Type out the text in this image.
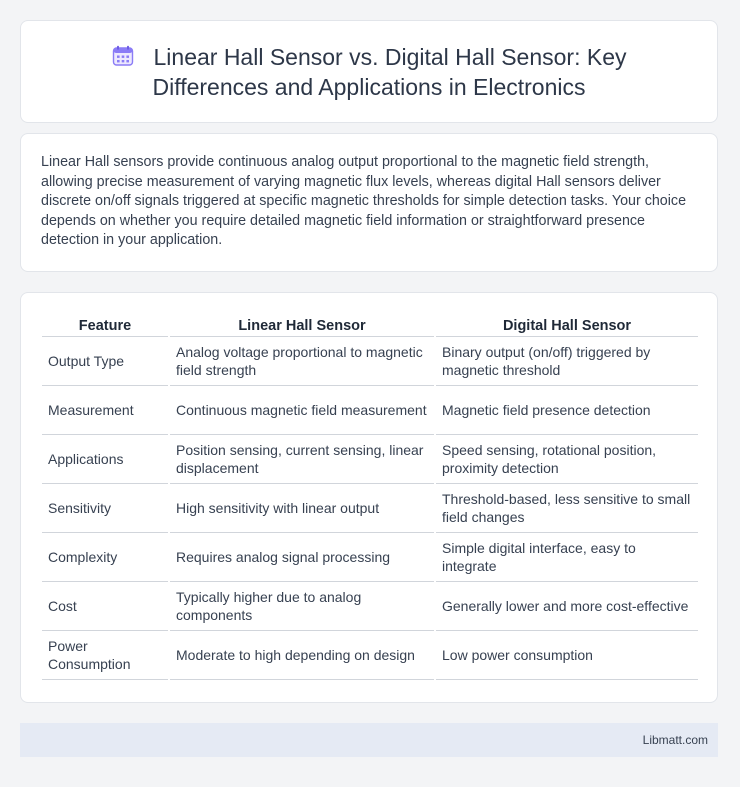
Linear Hall Sensor vs. Digital Hall Sensor: Key Differences and Applications in Electronics

Linear Hall sensors provide continuous analog output proportional to the magnetic field strength, allowing precise measurement of varying magnetic flux levels, whereas digital Hall sensors deliver discrete on/off signals triggered at specific magnetic thresholds for simple detection tasks. Your choice depends on whether you require detailed magnetic field information or straightforward presence detection in your application.

Feature	Linear Hall Sensor	Digital Hall Sensor
Output Type	Analog voltage proportional to magnetic field strength	Binary output (on/off) triggered by magnetic threshold
Measurement	Continuous magnetic field measurement	Magnetic field presence detection
Applications	Position sensing, current sensing, linear displacement	Speed sensing, rotational position, proximity detection
Sensitivity	High sensitivity with linear output	Threshold-based, less sensitive to small field changes
Complexity	Requires analog signal processing	Simple digital interface, easy to integrate
Cost	Typically higher due to analog components	Generally lower and more cost-effective
Power Consumption	Moderate to high depending on design	Low power consumption
Libmatt.com
